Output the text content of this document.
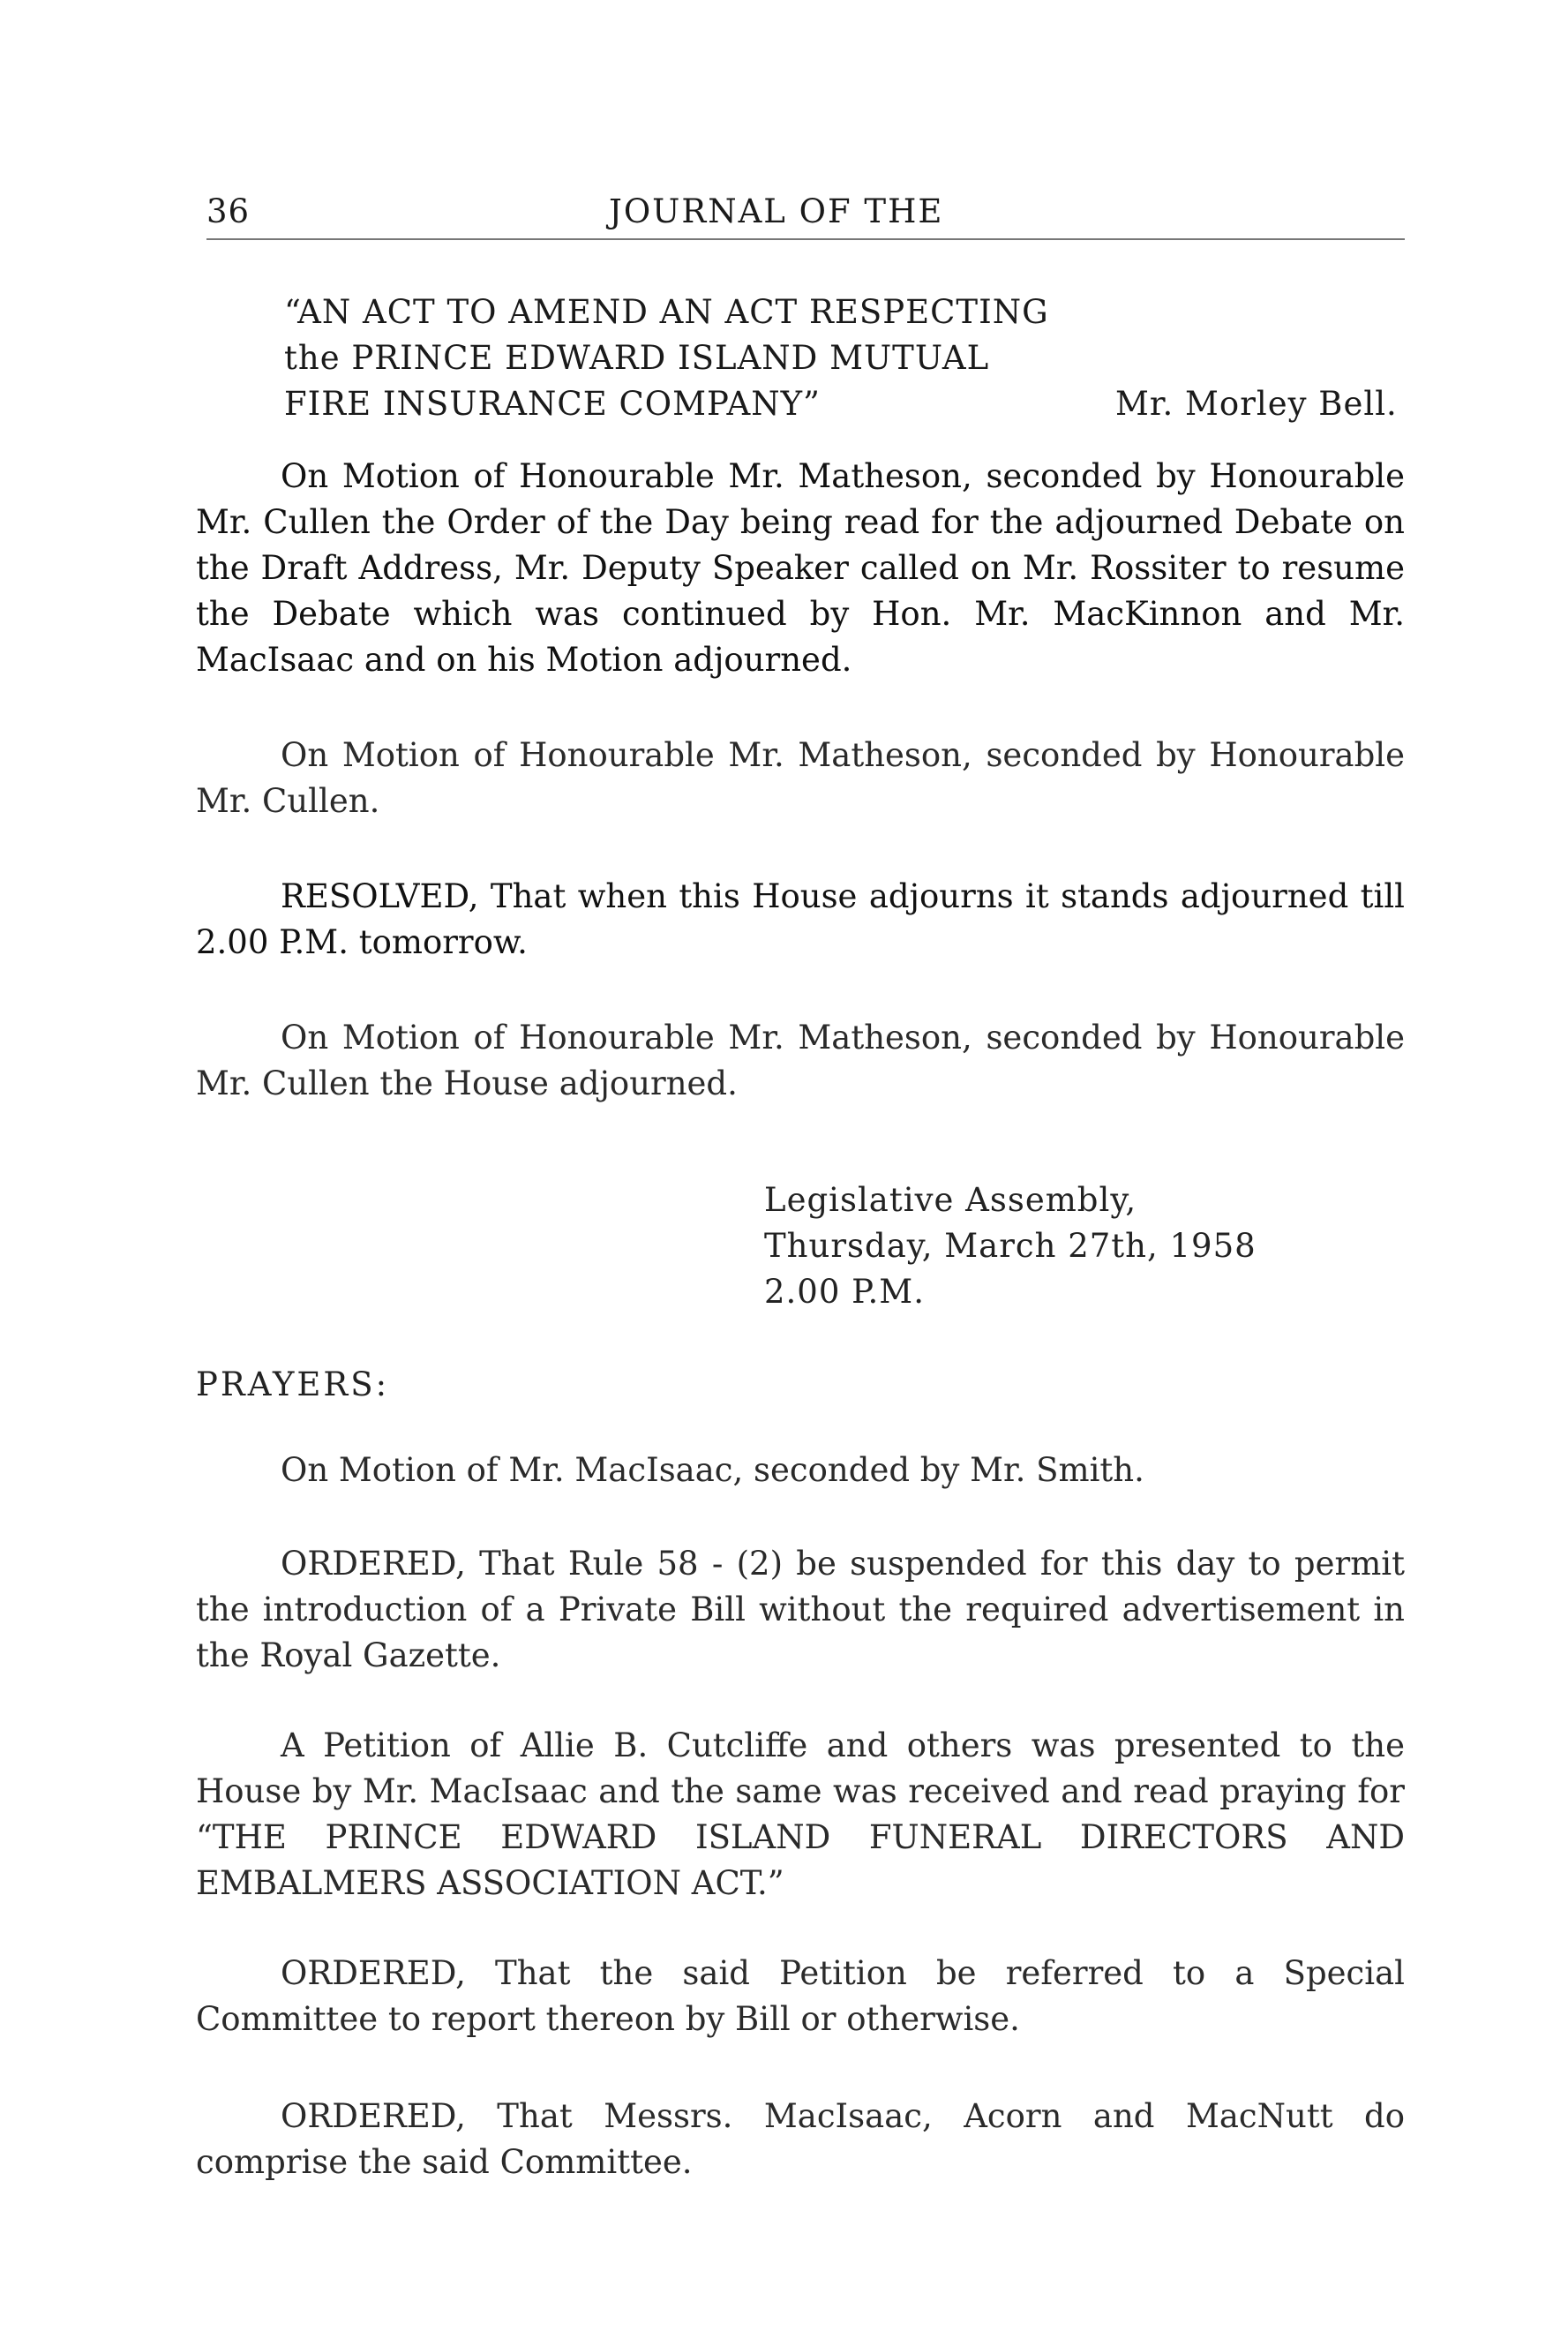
36	JOURNAL OF THE
“AN ACT TO AMEND AN ACT RESPECTING
the PRINCE EDWARD ISLAND MUTUAL
FIRE INSURANCE COMPANY”	Mr. Morley Bell.

On Motion of Honourable Mr. Matheson, seconded by Honourable Mr. Cullen the Order of the Day being read for the adjourned Debate on the Draft Address, Mr. Deputy Speaker called on Mr. Rossiter to resume the Debate which was continued by Hon. Mr. MacKinnon and Mr. MacIsaac and on his Motion adjourned.

On Motion of Honourable Mr. Matheson, seconded by Honourable Mr. Cullen.

RESOLVED, That when this House adjourns it stands adjourned till 2.00 P.M. tomorrow.

On Motion of Honourable Mr. Matheson, seconded by Honourable Mr. Cullen the House adjourned.

Legislative Assembly,
Thursday, March 27th, 1958
2.00 P.M.
PRAYERS:

On Motion of Mr. MacIsaac, seconded by Mr. Smith.

ORDERED, That Rule 58 - (2) be suspended for this day to permit the introduction of a Private Bill without the required advertisement in the Royal Gazette.

A Petition of Allie B. Cutcliffe and others was presented to the House by Mr. MacIsaac and the same was received and read praying for “THE PRINCE EDWARD ISLAND FUNERAL DIRECTORS AND EMBALMERS ASSOCIATION ACT.”

ORDERED, That the said Petition be referred to a Special Committee to report thereon by Bill or otherwise.

ORDERED, That Messrs. MacIsaac, Acorn and MacNutt do comprise the said Committee.
